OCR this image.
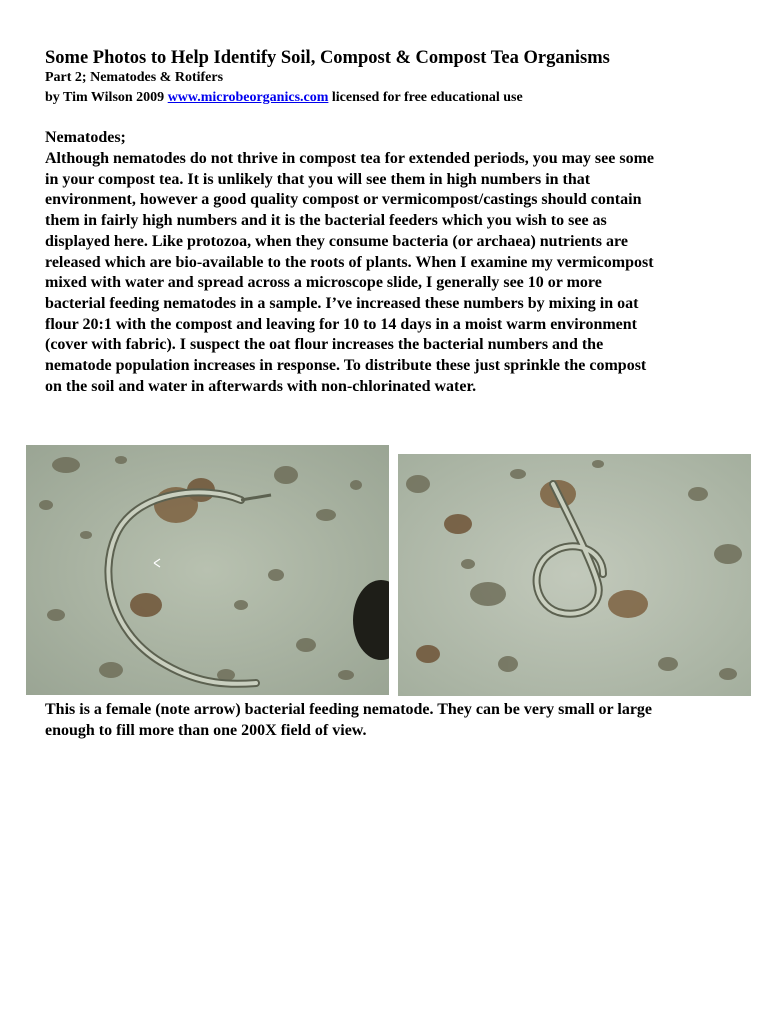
Some Photos to Help Identify Soil, Compost & Compost Tea Organisms
Part 2; Nematodes & Rotifers
by Tim Wilson 2009 www.microbeorganics.com licensed for free educational use
Nematodes;
Although nematodes do not thrive in compost tea for extended periods, you may see some
in your compost tea. It is unlikely that you will see them in high numbers in that
environment, however a good quality compost or vermicompost/castings should contain
them in fairly high numbers and it is the bacterial feeders which you wish to see as
displayed here. Like protozoa, when they consume bacteria (or archaea) nutrients are
released which are bio-available to the roots of plants. When I examine my vermicompost
mixed with water and spread across a microscope slide, I generally see 10 or more
bacterial feeding nematodes in a sample. I’ve increased these numbers by mixing in oat
flour 20:1 with the compost and leaving for 10 to 14 days in a moist warm environment
(cover with fabric). I suspect the oat flour increases the bacterial numbers and the
nematode population increases in response. To distribute these just sprinkle the compost
on the soil and water in afterwards with non-chlorinated water.
This is a female (note arrow) bacterial feeding nematode. They can be very small or large
enough to fill more than one 200X field of view.
